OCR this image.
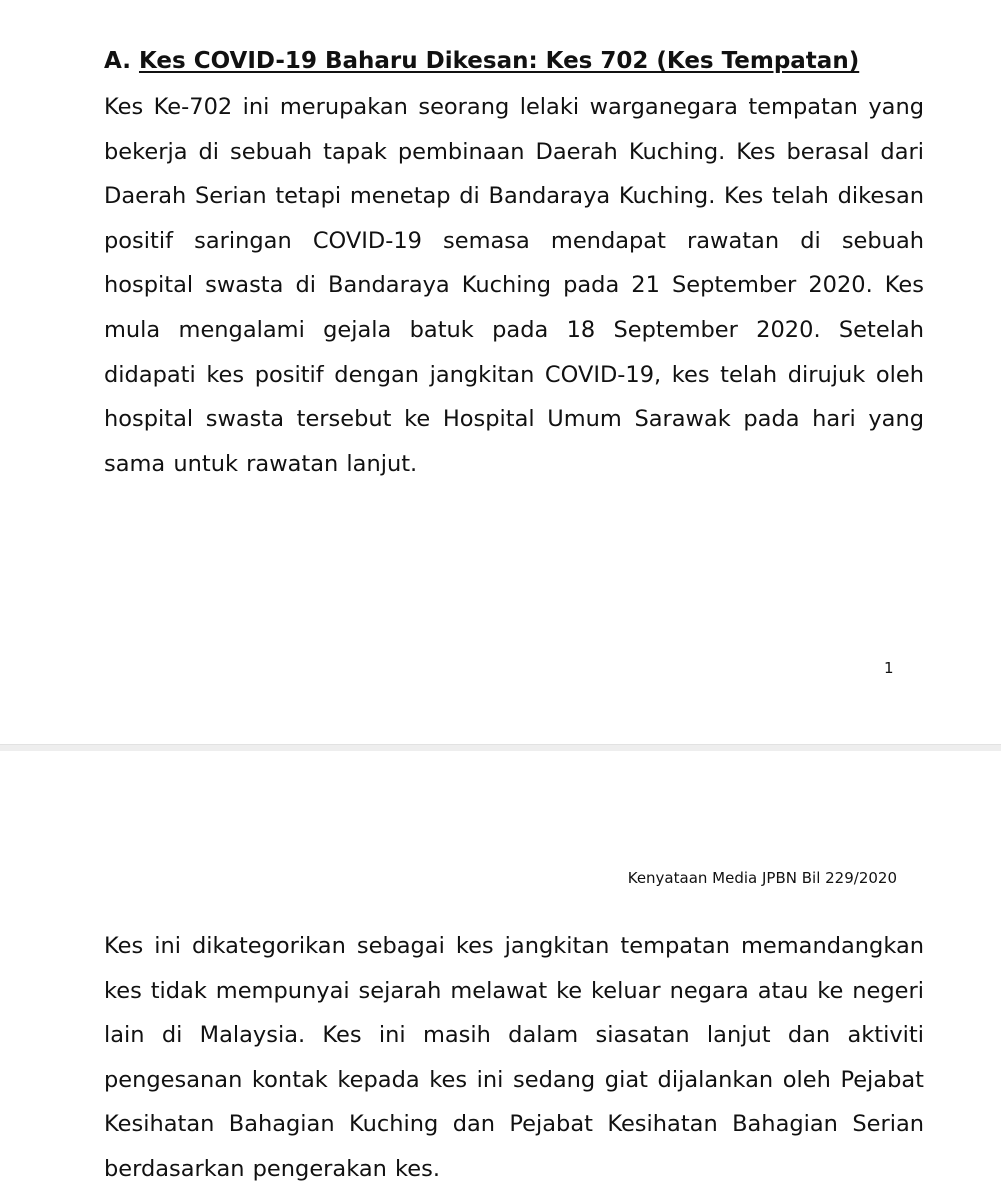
A. Kes COVID-19 Baharu Dikesan: Kes 702 (Kes Tempatan)

Kes Ke-702 ini merupakan seorang lelaki warganegara tempatan yang bekerja di sebuah tapak pembinaan Daerah Kuching. Kes berasal dari Daerah Serian tetapi menetap di Bandaraya Kuching. Kes telah dikesan positif saringan COVID-19 semasa mendapat rawatan di sebuah hospital swasta di Bandaraya Kuching pada 21 September 2020. Kes mula mengalami gejala batuk pada 18 September 2020. Setelah didapati kes positif dengan jangkitan COVID-19, kes telah dirujuk oleh hospital swasta tersebut ke Hospital Umum Sarawak pada hari yang sama untuk rawatan lanjut.

1
Kenyataan Media JPBN Bil 229/2020

Kes ini dikategorikan sebagai kes jangkitan tempatan memandangkan kes tidak mempunyai sejarah melawat ke keluar negara atau ke negeri lain di Malaysia. Kes ini masih dalam siasatan lanjut dan aktiviti pengesanan kontak kepada kes ini sedang giat dijalankan oleh Pejabat Kesihatan Bahagian Kuching dan Pejabat Kesihatan Bahagian Serian berdasarkan pengerakan kes.
